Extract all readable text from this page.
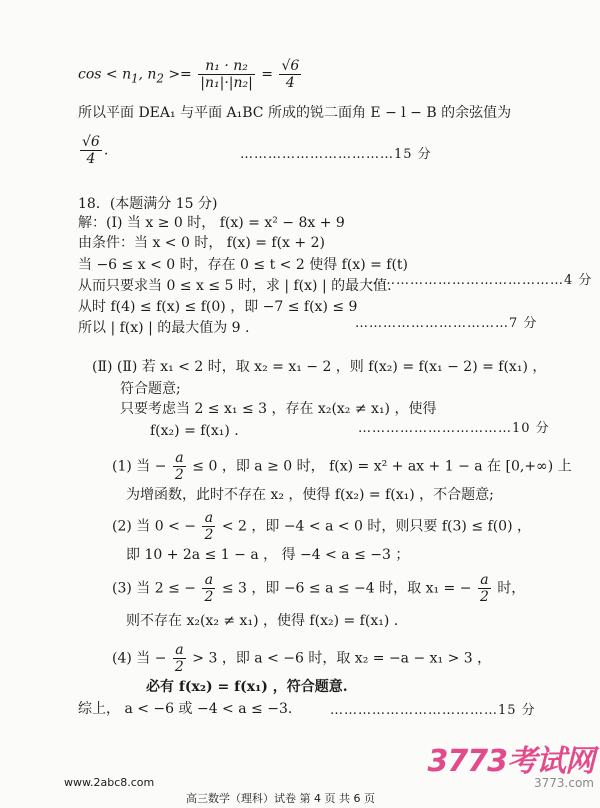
$\cos < n_1$, $n_2 >= \frac{\text{n₁ · n₂}}{\text{|n₁|·|n₂|}} = \frac{√6}{4}$
所以平面 DEA₁ 与平面 A₁BC 所成的锐二面角 E − l − B 的余弦值为
$\frac{√6}{4}$ .	……………………………15 分
18．(本题满分 15 分)
解：(Ⅰ) 当 x ≥ 0 时， f(x) = x² − 8x + 9
由条件：当 x < 0 时， f(x) = f(x + 2)
当 −6 ≤ x < 0 时，存在 0 ≤ t < 2 使得 f(x) = f(t)
从而只要求当 0 ≤ x ≤ 5 时，求 | f(x) | 的最大值.
……………………………………4 分
从时 f(4) ≤ f(x) ≤ f(0) ，即 −7 ≤ f(x) ≤ 9
所以 | f(x) | 的最大值为 9 .	……………………………7 分
(Ⅱ) (Ⅱ) 若 x₁ < 2 时，取 x₂ = x₁ − 2 ，则 f(x₂) = f(x₁ − 2) = f(x₁) ，
符合题意;
只要考虑当 2 ≤ x₁ ≤ 3 ，存在 x₂(x₂ ≠ x₁) ，使得
f(x₂) = f(x₁) .	……………………………10 分
(1) 当 − $\frac{a}{2} \le 0$ ，即 a ≥ 0 时， f(x) = x² + ax + 1 − a 在 [0,+∞) 上
为增函数，此时不存在 x₂ ，使得 f(x₂) = f(x₁) ，不合题意;
(2) 当 0 < − $\frac{a}{2} < 2$ ，即 −4 < a < 0 时，则只要 f(3) ≤ f(0) ，
即 10 + 2a ≤ 1 − a ， 得 −4 < a ≤ −3 ；
(3) 当 2 ≤ − $\frac{a}{2} \le 3$ ，即 −6 ≤ a ≤ −4 时，取 x₁ = − $\frac{a}{2}$ 时，
则不存在 x₂(x₂ ≠ x₁) ，使得 f(x₂) = f(x₁) .
(4) 当 − $\frac{a}{2} > 3$ ，即 a < −6 时，取 x₂ = −a − x₁ > 3 ，
必有 f(x₂) = f(x₁) ，符合题意.
综上， a < −6 或 −4 < a ≤ −3.	………………………………15 分
www.2abc8.com
高三数学（理科）试卷 第 4 页 共 6 页
3773考试网
3773.com
